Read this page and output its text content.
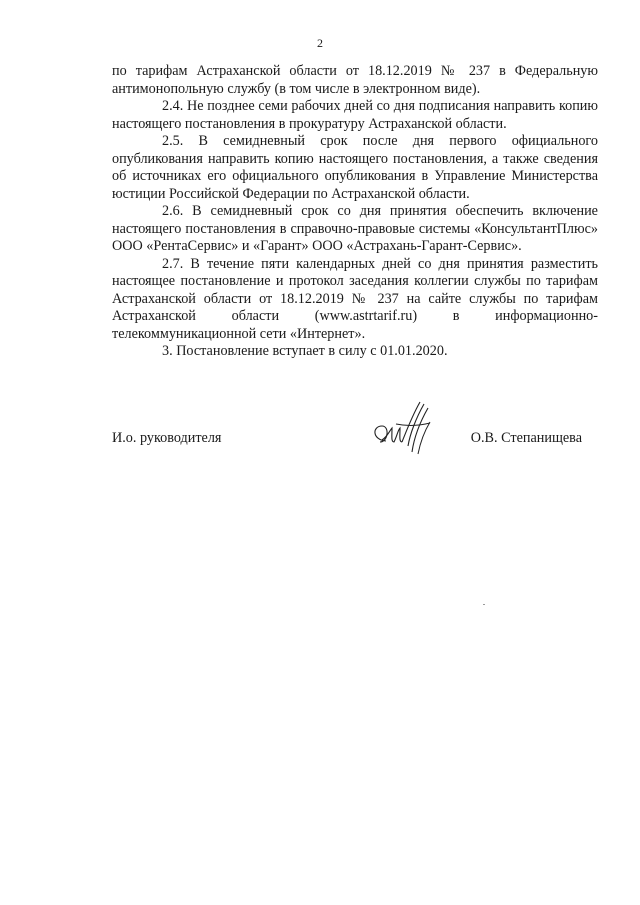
2

по тарифам Астраханской области от 18.12.2019 № 237 в Федеральную антимонопольную службу (в том числе в электронном виде).

2.4. Не позднее семи рабочих дней со дня подписания направить копию настоящего постановления в прокуратуру Астраханской области.

2.5. В семидневный срок после дня первого официального опубликования направить копию настоящего постановления, а также сведения об источниках его официального опубликования в Управление Министерства юстиции Российской Федерации по Астраханской области.

2.6. В семидневный срок со дня принятия обеспечить включение настоящего постановления в справочно-правовые системы «КонсультантПлюс» ООО «РентаСервис» и «Гарант» ООО «Астрахань-Гарант-Сервис».

2.7. В течение пяти календарных дней со дня принятия разместить настоящее постановление и протокол заседания коллегии службы по тарифам Астраханской области от 18.12.2019 № 237 на сайте службы по тарифам Астраханской области (www.astrtarif.ru) в информационно-телекоммуникационной сети «Интернет».

3. Постановление вступает в силу с 01.01.2020.

И.о. руководителя	О.В. Степанищева
